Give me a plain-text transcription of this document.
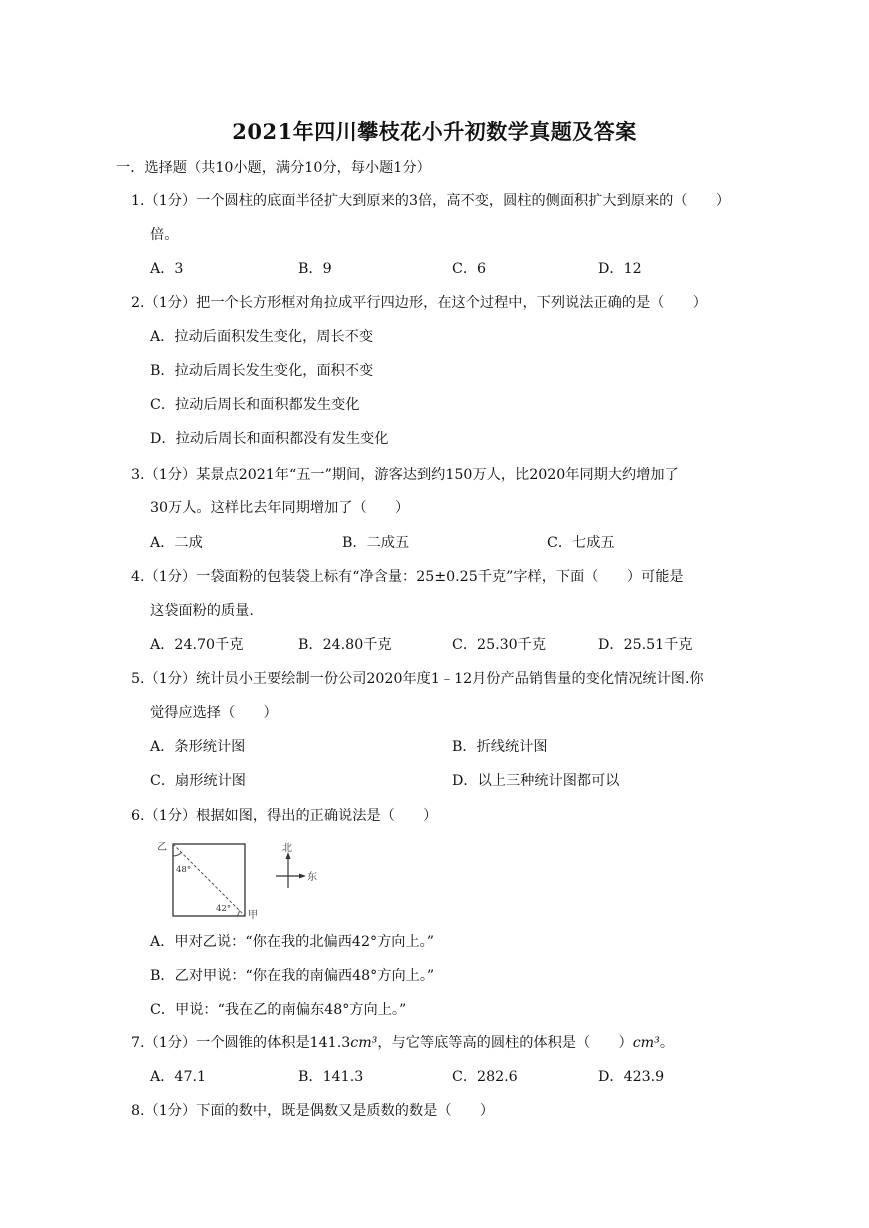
2021年四川攀枝花小升初数学真题及答案
一．选择题（共10小题，满分10分，每小题1分）
1.（1分）一个圆柱的底面半径扩大到原来的3倍，高不变，圆柱的侧面积扩大到原来的（　　）
倍。
A．3	B．9	C．6	D．12
2.（1分）把一个长方形框对角拉成平行四边形，在这个过程中，下列说法正确的是（　　）
A．拉动后面积发生变化，周长不变
B．拉动后周长发生变化，面积不变
C．拉动后周长和面积都发生变化
D．拉动后周长和面积都没有发生变化
3.（1分）某景点2021年“五一”期间，游客达到约150万人，比2020年同期大约增加了
30万人。这样比去年同期增加了（　　）
A．二成	B．二成五	C．七成五
4.（1分）一袋面粉的包装袋上标有“净含量：25±0.25千克”字样，下面（　　）可能是
这袋面粉的质量.
A．24.70千克	B．24.80千克	C．25.30千克	D．25.51千克
5.（1分）统计员小王要绘制一份公司2020年度1﹣12月份产品销售量的变化情况统计图.你
觉得应选择（　　）
A．条形统计图	B．折线统计图
C．扇形统计图	D．以上三种统计图都可以
6.（1分）根据如图，得出的正确说法是（　　）
乙
48°
42°
甲
北
东
A．甲对乙说：“你在我的北偏西42°方向上。”
B．乙对甲说：“你在我的南偏西48°方向上。”
C．甲说：“我在乙的南偏东48°方向上。”
7.（1分）一个圆锥的体积是141.3cm³，与它等底等高的圆柱的体积是（　　）cm³。
A．47.1	B．141.3	C．282.6	D．423.9
8.（1分）下面的数中，既是偶数又是质数的数是（　　）
